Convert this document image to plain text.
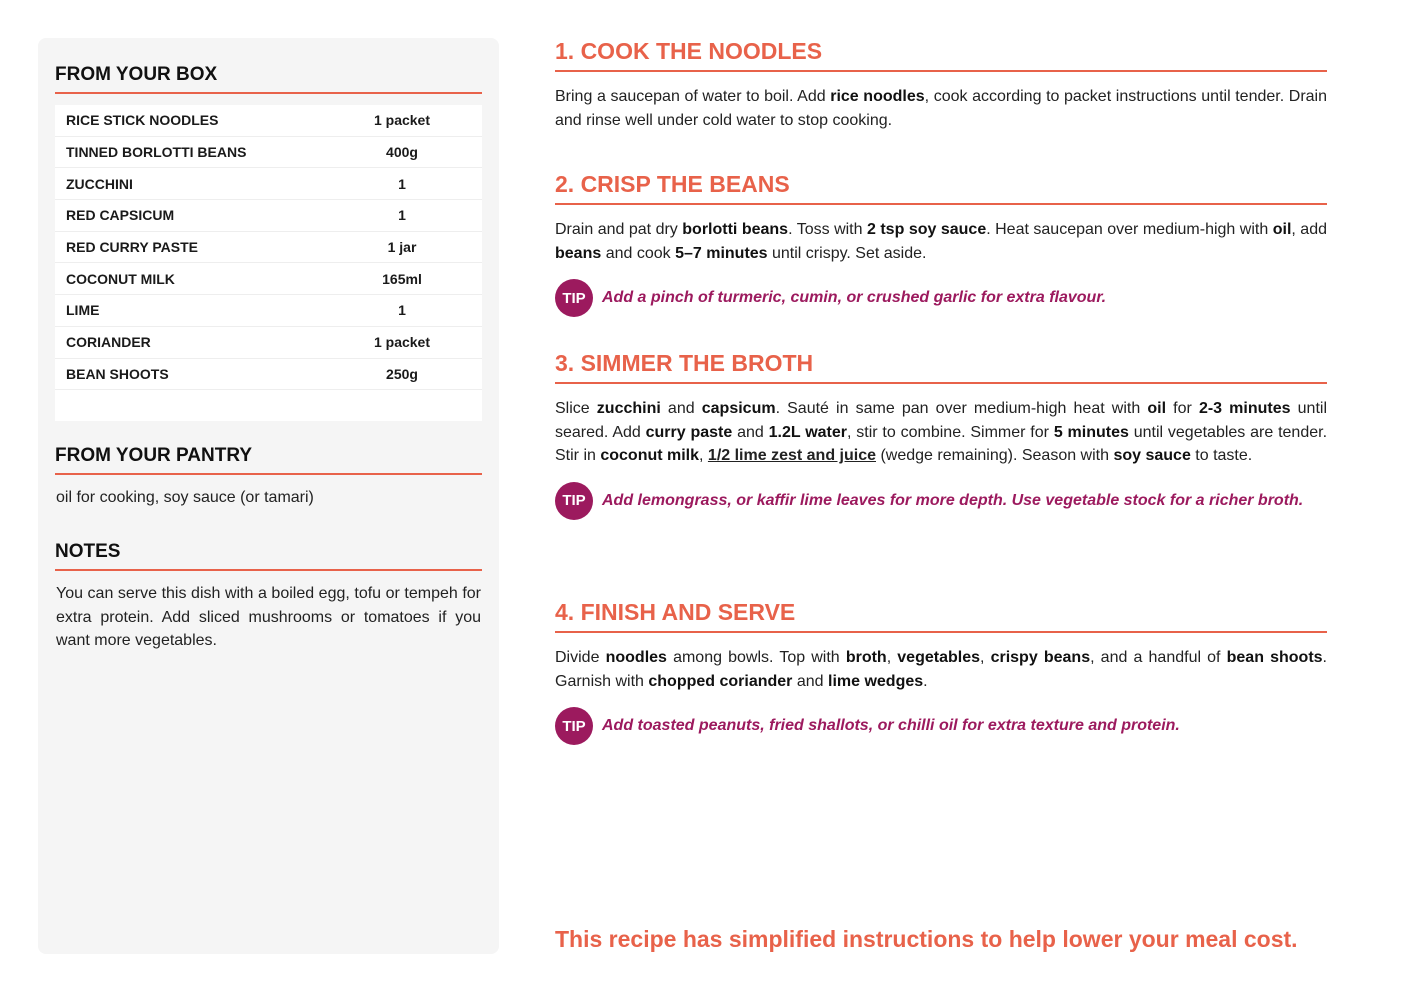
FROM YOUR BOX
RICE STICK NOODLES	1 packet
TINNED BORLOTTI BEANS	400g
ZUCCHINI	1
RED CAPSICUM	1
RED CURRY PASTE	1 jar
COCONUT MILK	165ml
LIME	1
CORIANDER	1 packet
BEAN SHOOTS	250g
FROM YOUR PANTRY

oil for cooking, soy sauce (or tamari)

NOTES

You can serve this dish with a boiled egg, tofu or tempeh for extra protein. Add sliced mushrooms or tomatoes if you want more vegetables.

1. COOK THE NOODLES

Bring a saucepan of water to boil. Add rice noodles, cook according to packet instructions until tender. Drain and rinse well under cold water to stop cooking.

2. CRISP THE BEANS

Drain and pat dry borlotti beans. Toss with 2 tsp soy sauce. Heat saucepan over medium-high with oil, add beans and cook 5–7 minutes until crispy. Set aside.

TIP	Add a pinch of turmeric, cumin, or crushed garlic for extra flavour.
3. SIMMER THE BROTH

Slice zucchini and capsicum. Sauté in same pan over medium-high heat with oil for 2-3 minutes until seared. Add curry paste and 1.2L water, stir to combine. Simmer for 5 minutes until vegetables are tender. Stir in coconut milk, 1/2 lime zest and juice (wedge remaining). Season with soy sauce to taste.

TIP	Add lemongrass, or kaffir lime leaves for more depth. Use vegetable stock for a richer broth.
4. FINISH AND SERVE

Divide noodles among bowls. Top with broth, vegetables, crispy beans, and a handful of bean shoots. Garnish with chopped coriander and lime wedges.

TIP	Add toasted peanuts, fried shallots, or chilli oil for extra texture and protein.

This recipe has simplified instructions to help lower your meal cost.
